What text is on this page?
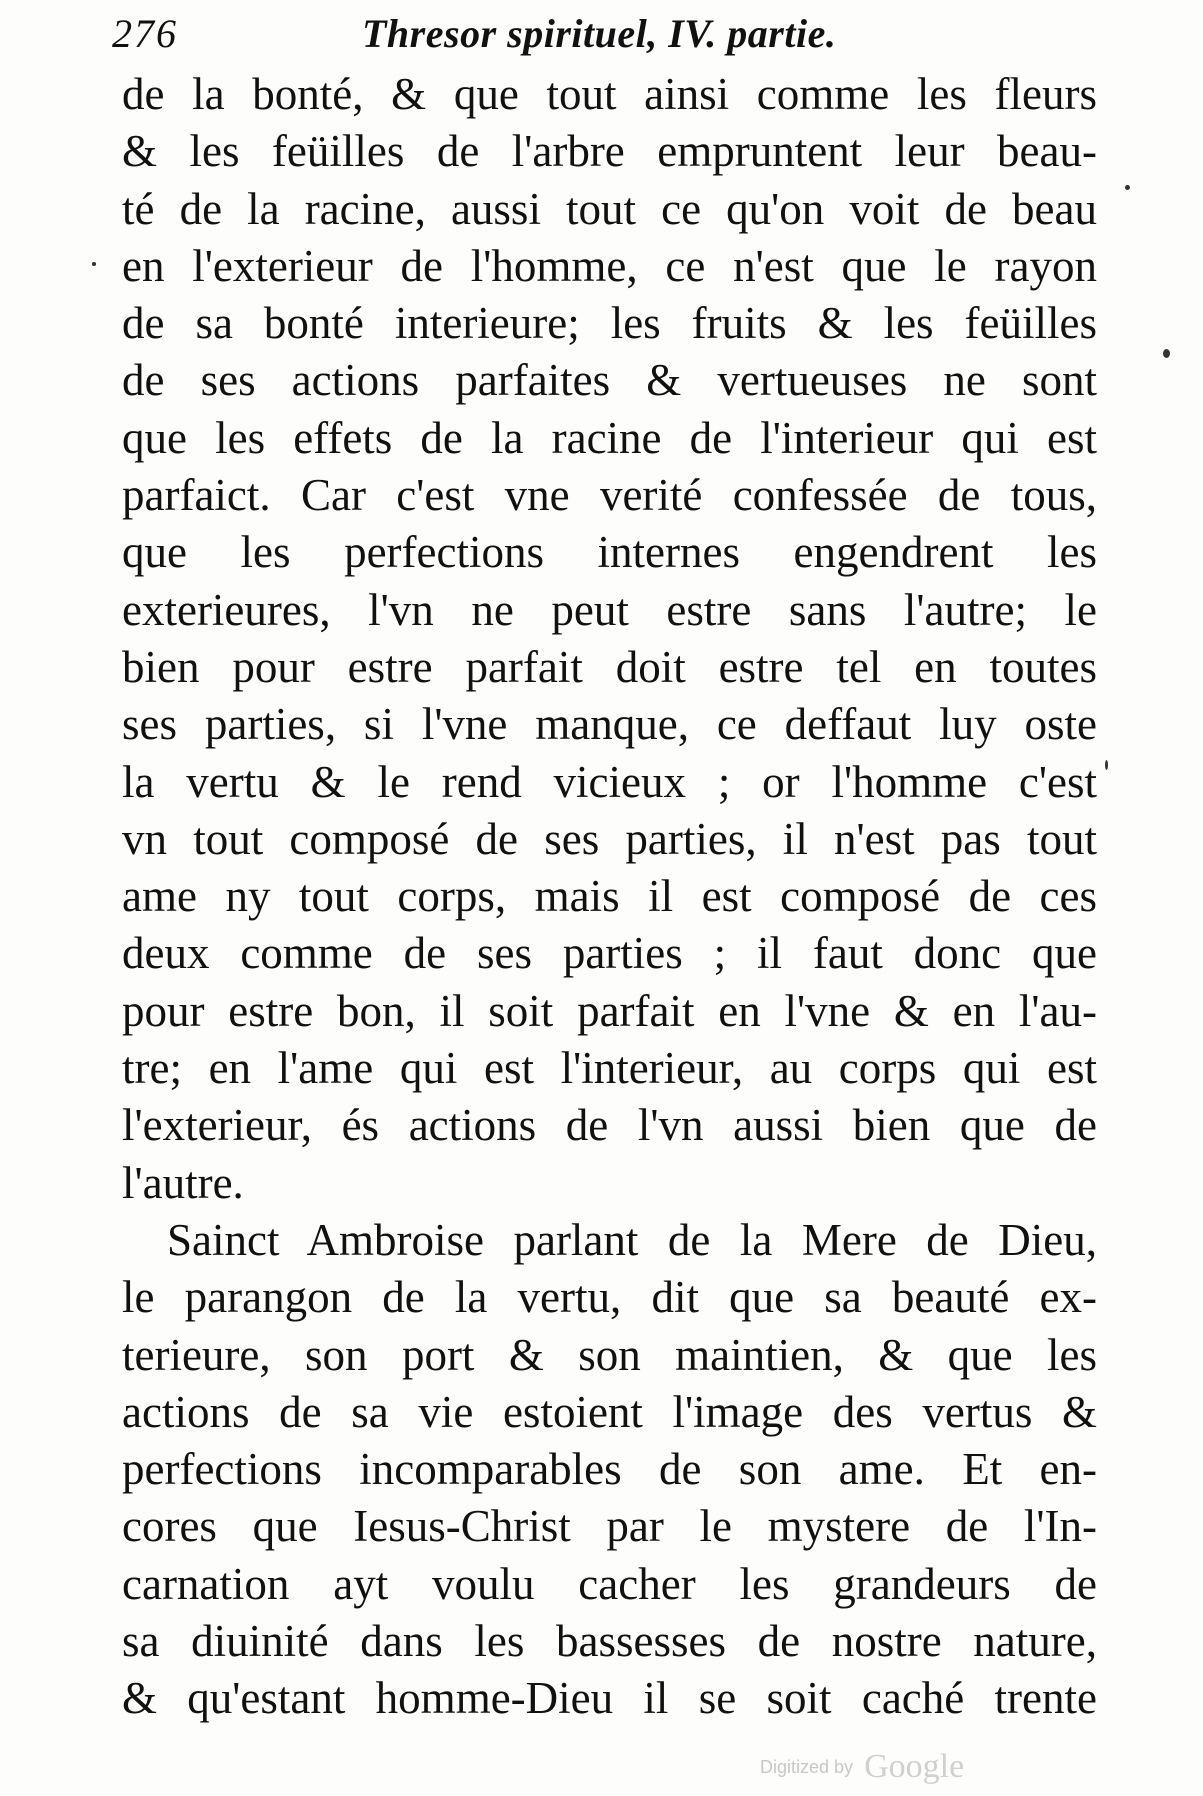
276	Thresor spirituel, IV. partie.
de la bonté, & que tout ainsi comme les fleurs
& les feüilles de l'arbre empruntent leur beau-
té de la racine, aussi tout ce qu'on voit de beau
en l'exterieur de l'homme, ce n'est que le rayon
de sa bonté interieure; les fruits & les feüilles
de ses actions parfaites & vertueuses ne sont
que les effets de la racine de l'interieur qui est
parfaict. Car c'est vne verité confessée de tous,
que les perfections internes engendrent les
exterieures, l'vn ne peut estre sans l'autre; le
bien pour estre parfait doit estre tel en toutes
ses parties, si l'vne manque, ce deffaut luy oste
la vertu & le rend vicieux ; or l'homme c'est
vn tout composé de ses parties, il n'est pas tout
ame ny tout corps, mais il est composé de ces
deux comme de ses parties ; il faut donc que
pour estre bon, il soit parfait en l'vne & en l'au-
tre; en l'ame qui est l'interieur, au corps qui est
l'exterieur, és actions de l'vn aussi bien que de
l'autre.
Sainct Ambroise parlant de la Mere de Dieu,
le parangon de la vertu, dit que sa beauté ex-
terieure, son port & son maintien, & que les
actions de sa vie estoient l'image des vertus &
perfections incomparables de son ame. Et en-
cores que Iesus-Christ par le mystere de l'In-
carnation ayt voulu cacher les grandeurs de
sa diuinité dans les bassesses de nostre nature,
& qu'estant homme-Dieu il se soit caché trente
Digitized by Google
